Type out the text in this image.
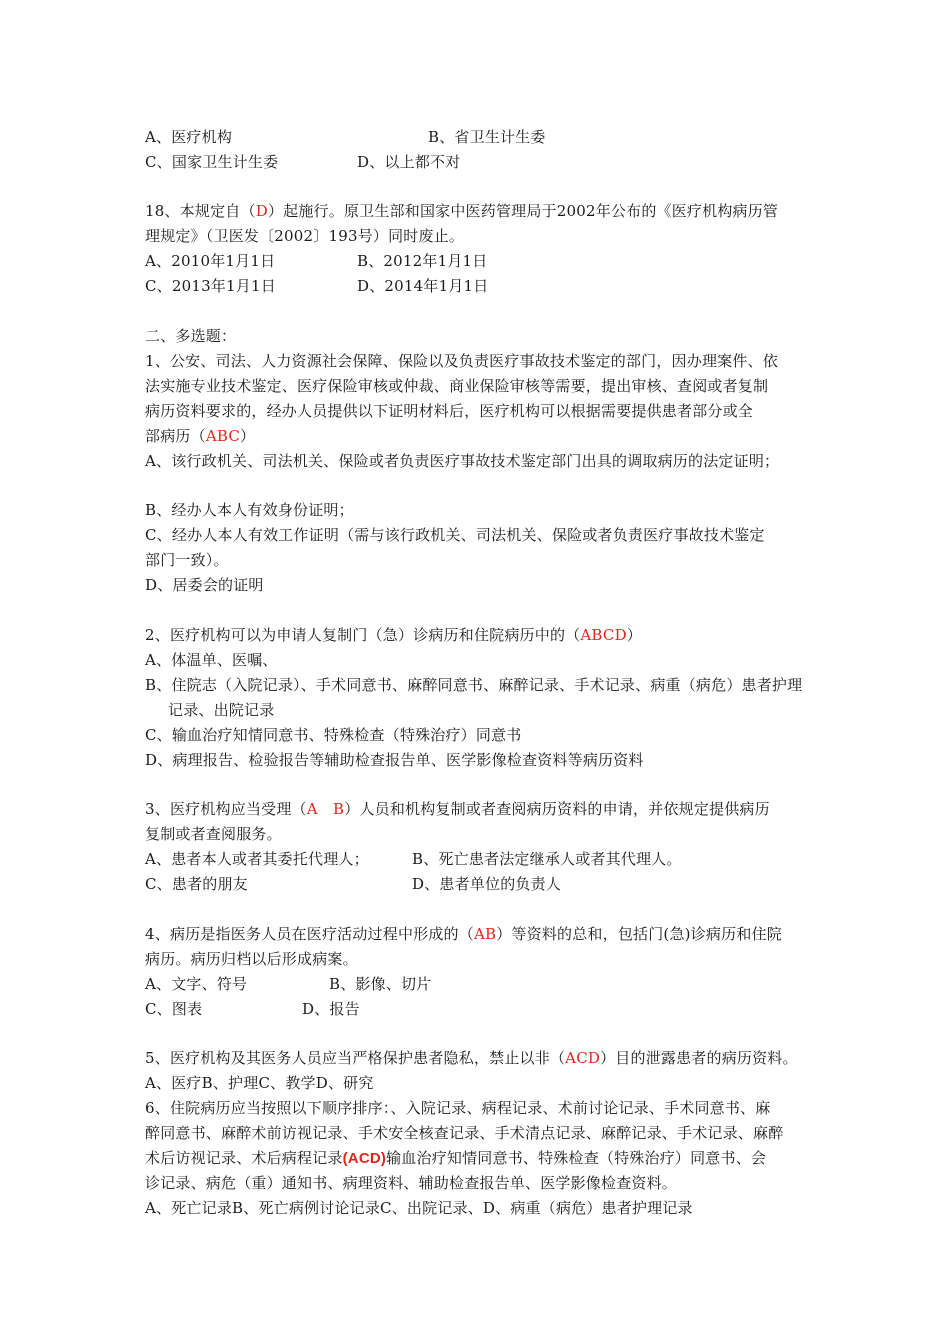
A、医疗机构	B、省卫生计生委
C、国家卫生计生委	D、以上都不对
18、本规定自（D）起施行。原卫生部和国家中医药管理局于2002年公布的《医疗机构病历管
理规定》（卫医发〔2002〕193号）同时废止。
A、2010年1月1日	B、2012年1月1日
C、2013年1月1日	D、2014年1月1日
二、多选题：
1、公安、司法、人力资源社会保障、保险以及负责医疗事故技术鉴定的部门，因办理案件、依
法实施专业技术鉴定、医疗保险审核或仲裁、商业保险审核等需要，提出审核、查阅或者复制
病历资料要求的，经办人员提供以下证明材料后，医疗机构可以根据需要提供患者部分或全
部病历（ABC）
A、该行政机关、司法机关、保险或者负责医疗事故技术鉴定部门出具的调取病历的法定证明；
B、经办人本人有效身份证明；
C、经办人本人有效工作证明（需与该行政机关、司法机关、保险或者负责医疗事故技术鉴定
部门一致）。
D、居委会的证明
2、医疗机构可以为申请人复制门（急）诊病历和住院病历中的（ABCD）
A、体温单、医嘱、
B、住院志（入院记录）、手术同意书、麻醉同意书、麻醉记录、手术记录、病重（病危）患者护理
记录、出院记录
C、输血治疗知情同意书、特殊检查（特殊治疗）同意书
D、病理报告、检验报告等辅助检查报告单、医学影像检查资料等病历资料
3、医疗机构应当受理（A　B）人员和机构复制或者查阅病历资料的申请，并依规定提供病历
复制或者查阅服务。
A、患者本人或者其委托代理人；	B、死亡患者法定继承人或者其代理人。
C、患者的朋友	D、患者单位的负责人
4、病历是指医务人员在医疗活动过程中形成的（AB）等资料的总和，包括门(急)诊病历和住院
病历。病历归档以后形成病案。
A、文字、符号	B、影像、切片
C、图表	D、报告
5、医疗机构及其医务人员应当严格保护患者隐私，禁止以非（ACD）目的泄露患者的病历资料。
A、医疗B、护理C、教学D、研究
6、住院病历应当按照以下顺序排序：、入院记录、病程记录、术前讨论记录、手术同意书、麻
醉同意书、麻醉术前访视记录、手术安全核查记录、手术清点记录、麻醉记录、手术记录、麻醉
术后访视记录、术后病程记录(ACD)输血治疗知情同意书、特殊检查（特殊治疗）同意书、会
诊记录、病危（重）通知书、病理资料、辅助检查报告单、医学影像检查资料。
A、死亡记录B、死亡病例讨论记录C、出院记录、D、病重（病危）患者护理记录
